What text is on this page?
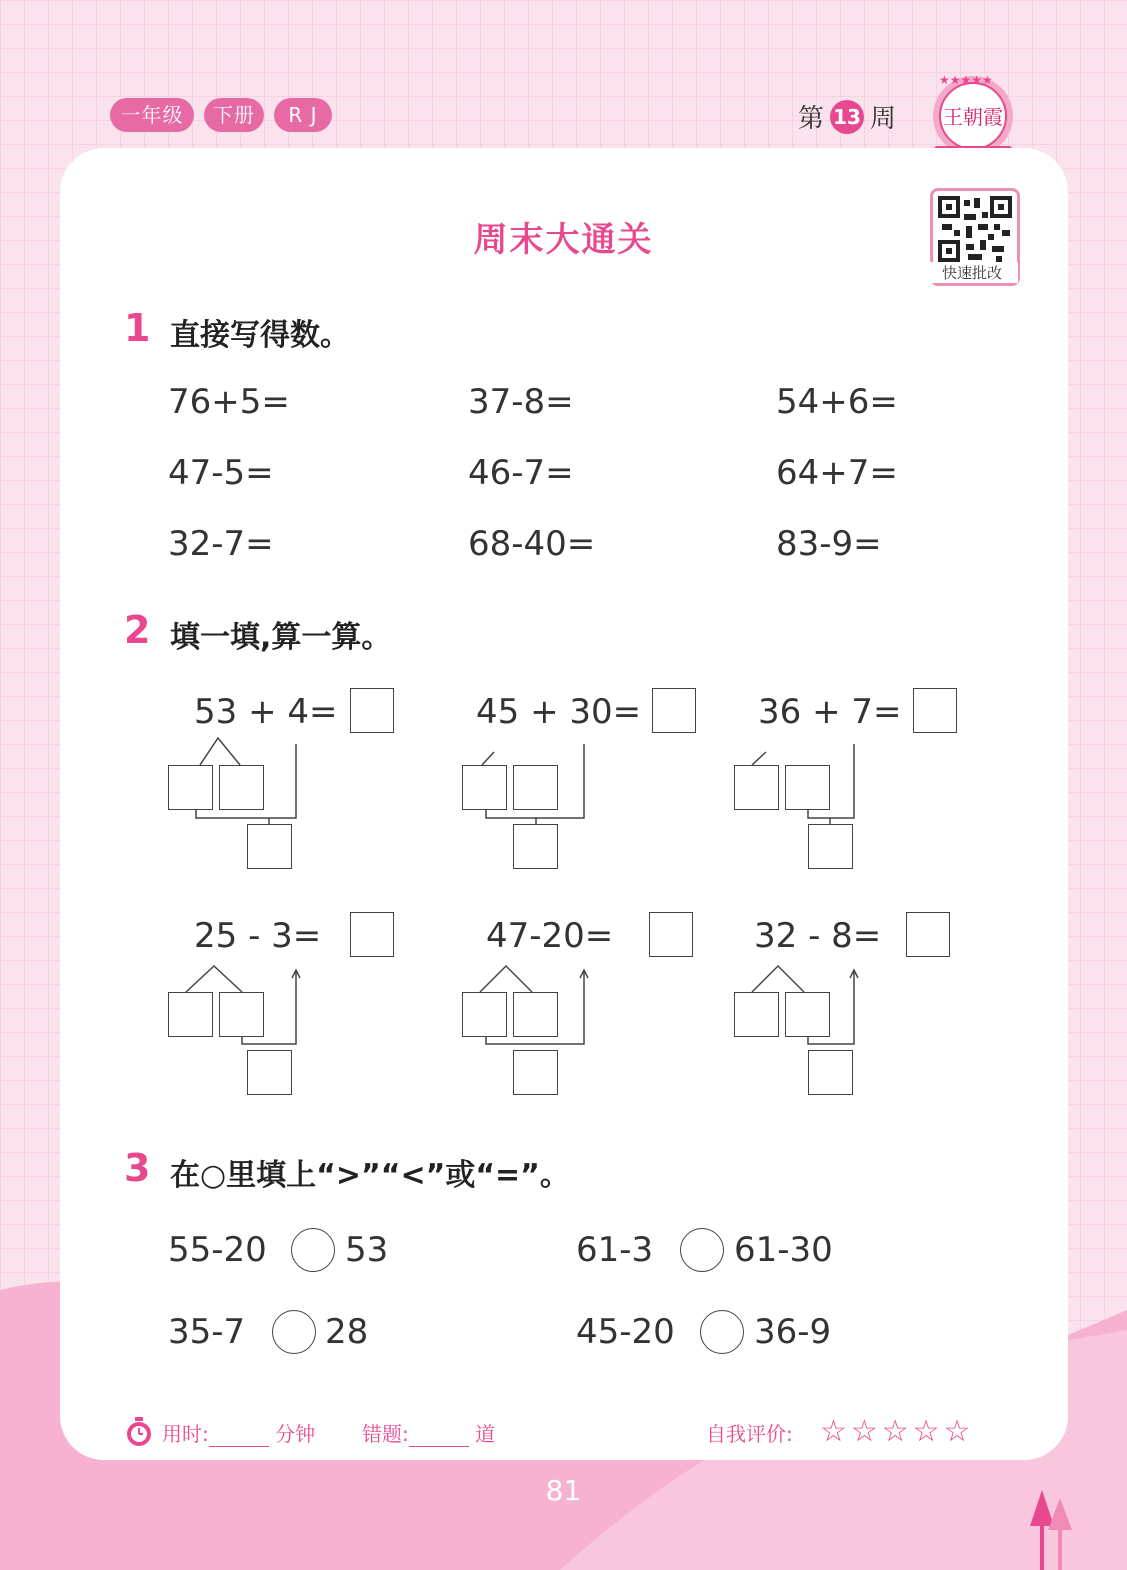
一年级	下册	R J	第 13 周
★★★★★
王朝霞
周末大通关
快速批改
1 直接写得数。
76+5=	37-8=	54+6=
47-5=	46-7=	64+7=
32-7=	68-40=	83-9=
2 填一填,算一算。
53 + 4=	45 + 30=	36 + 7=
25 - 3=	47-20=	32 - 8=
3 在○里填上“>”“<”或“=”。
55-20 53	61-3 61-30
35-7 28	45-20 36-9
用时:	分钟 错题:	道	自我评价: ☆☆☆☆☆
81
